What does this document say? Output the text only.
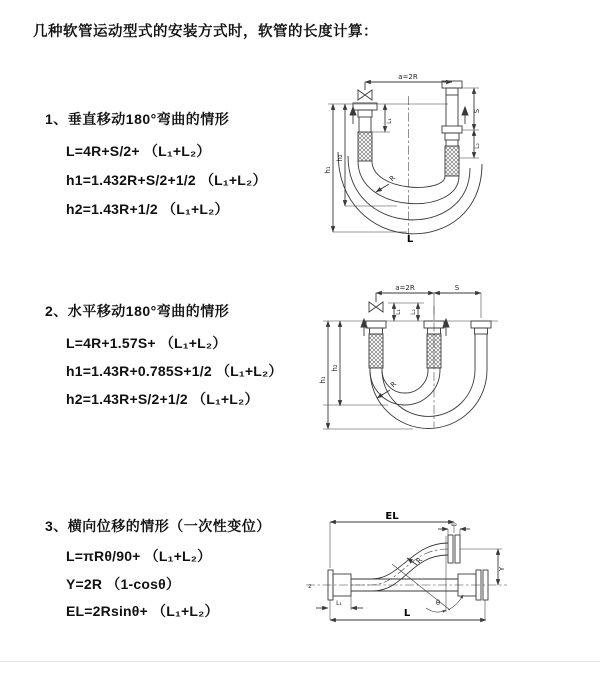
几种软管运动型式的安装方式时，软管的长度计算：
1、垂直移动180°弯曲的情形
L=4R+S/2+ （L₁+L₂）
h1=1.432R+S/2+1/2 （L₁+L₂）
h2=1.43R+1/2 （L₁+L₂）
2、水平移动180°弯曲的情形
L=4R+1.57S+ （L₁+L₂）
h1=1.43R+0.785S+1/2 （L₁+L₂）
h2=1.43R+S/2+1/2 （L₁+L₂）
3、横向位移的情形（一次性变位）
L=πRθ/90+ （L₁+L₂）
Y=2R （1-cosθ）
EL=2Rsinθ+ （L₁+L₂）
a=2R
h₁
h₂
L₁
S
L₂
R
L
a=2R	S
h₁
h₂
L₁ L₂
R
EL
L₂
Y
R
θ
L
L₁
z
